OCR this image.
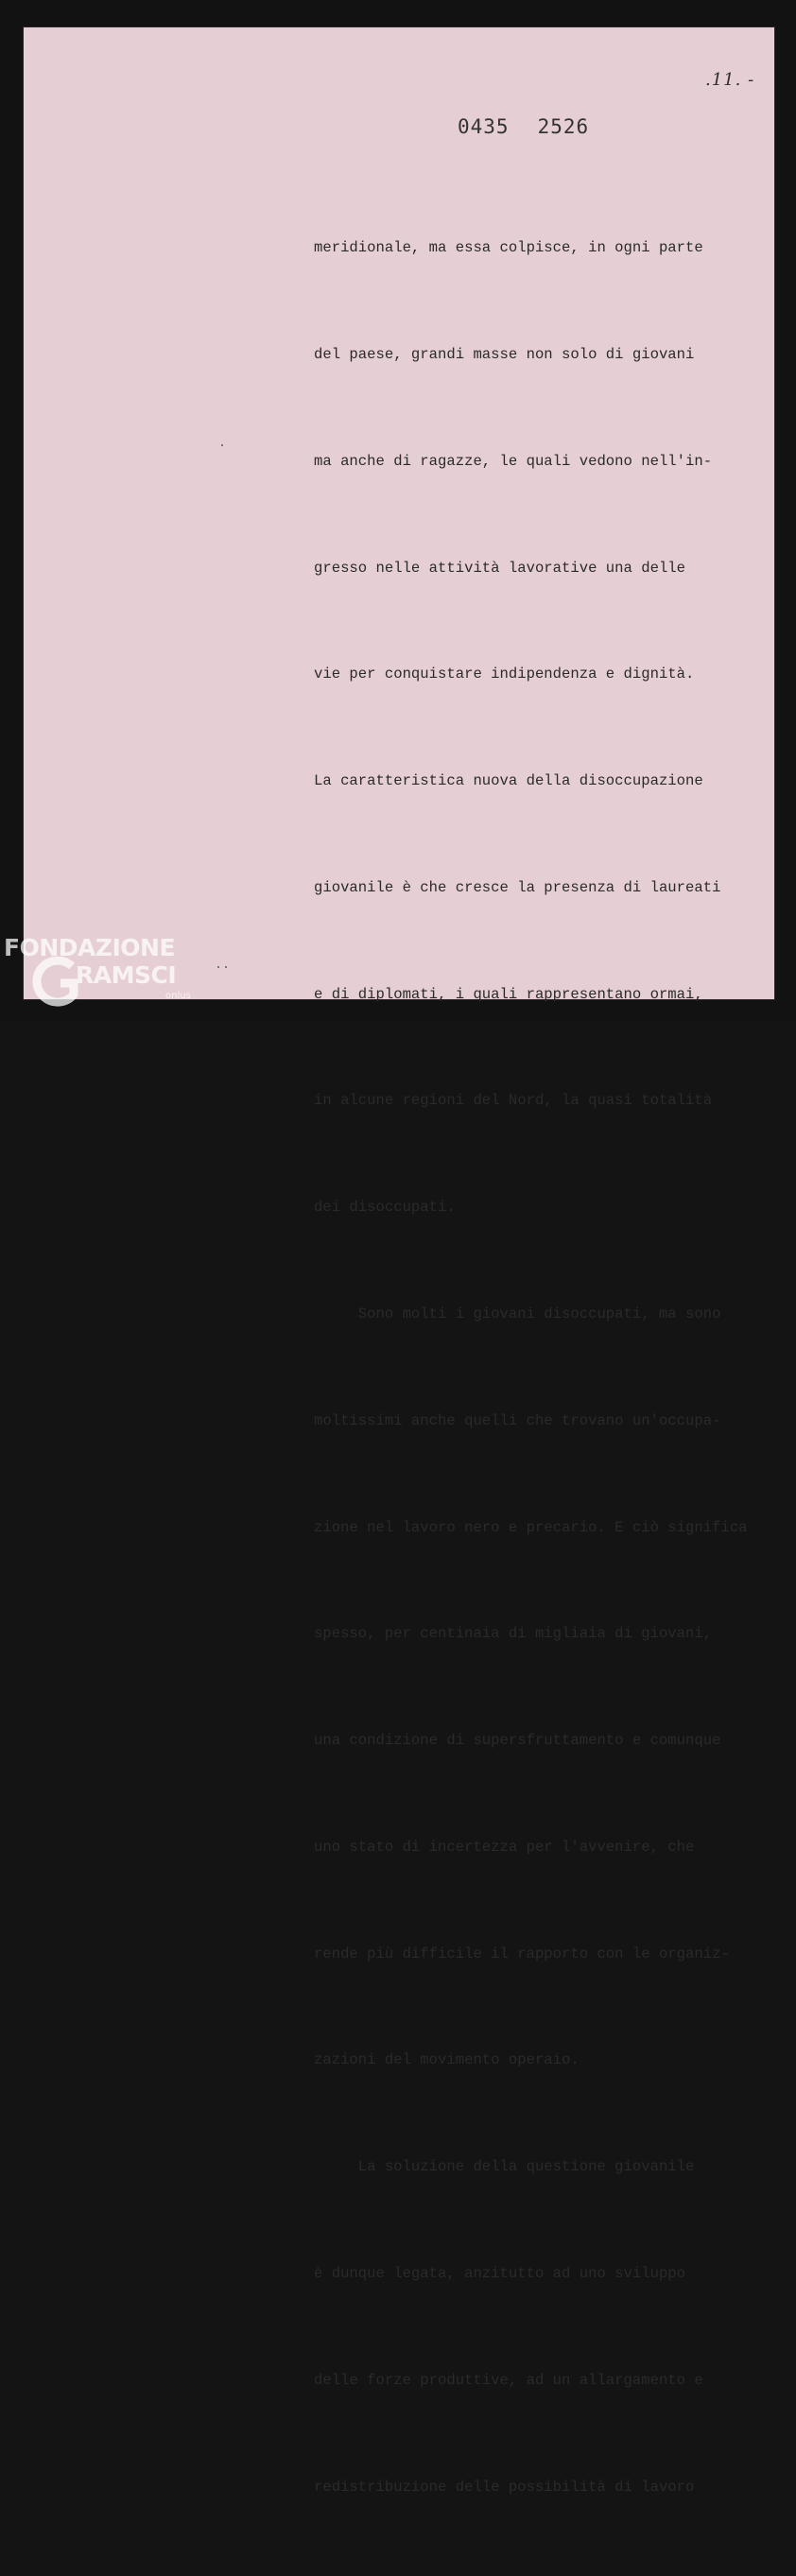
.11. -
0435 2526

meridionale, ma essa colpisce, in ogni parte

del paese, grandi masse non solo di giovani

ma anche di ragazze, le quali vedono nell'in-

gresso nelle attività lavorative una delle

vie per conquistare indipendenza e dignità.

La caratteristica nuova della disoccupazione

giovanile è che cresce la presenza di laureati

e di diplomati, i quali rappresentano ormai,

in alcune regioni del Nord, la quasi totalità

dei disoccupati.

Sono molti i giovani disoccupati, ma sono

moltissimi anche quelli che trovano un'occupa-

zione nel lavoro nero e precario. E ciò significa

spesso, per centinaia di migliaia di giovani,

una condizione di supersfruttamento e comunque

uno stato di incertezza per l'avvenire, che

rende più difficile il rapporto con le organiz-

zazioni del movimento operaio.

La soluzione della questione giovanile

è dunque legata, anzitutto ad uno sviluppo

delle forze produttive, ad un allargamento e

redistribuzione delle possibilità di lavoro

FONDAZIONE
RAMSCI
onlus
